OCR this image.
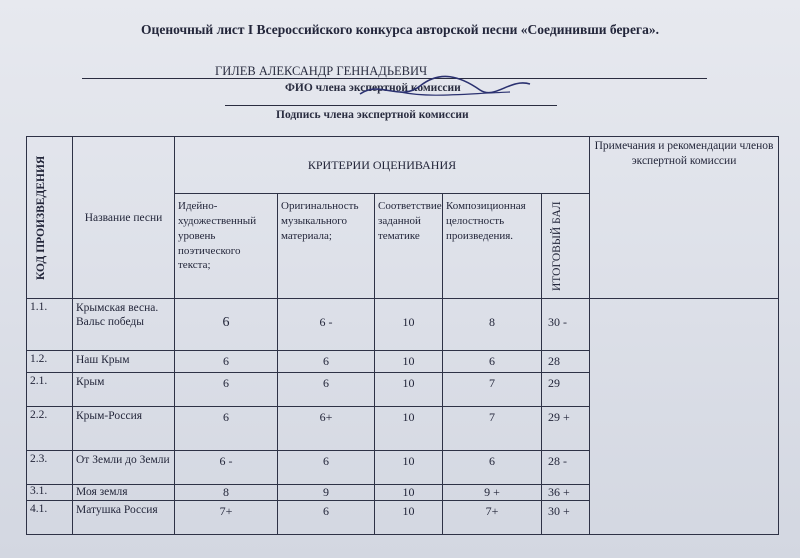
Оценочный лист I Всероссийского конкурса авторской песни «Соединивши берега».
ГИЛЕВ АЛЕКСАНДР ГЕННАДЬЕВИЧ
ФИО члена экспертной комиссии
Подпись члена экспертной комиссии
КОД ПРОИЗВЕДЕНИЯ	Название песни	КРИТЕРИИ ОЦЕНИВАНИЯ					Примечания и рекомендации членов экспертной комиссии
		Идейно-художественный уровень поэтического текста;	Оригинальность музыкального материала;	Соответствие заданной тематике	Композиционная целостность произведения.	ИТОГОВЫЙ БАЛ	

1.1.	Крымская весна. Вальс победы	6	6 -	10	8	30 -	
1.2.	Наш Крым	6	6	10	6	28	
2.1.	Крым	6	6	10	7	29	
2.2.	Крым-Россия	6	6+	10	7	29 +	
2.3.	От Земли до Земли	6 -	6	10	6	28 -	
3.1.	Моя земля	8	9	10	9 +	36 +	
4.1.	Матушка Россия	7+	6	10	7+	30 +	
